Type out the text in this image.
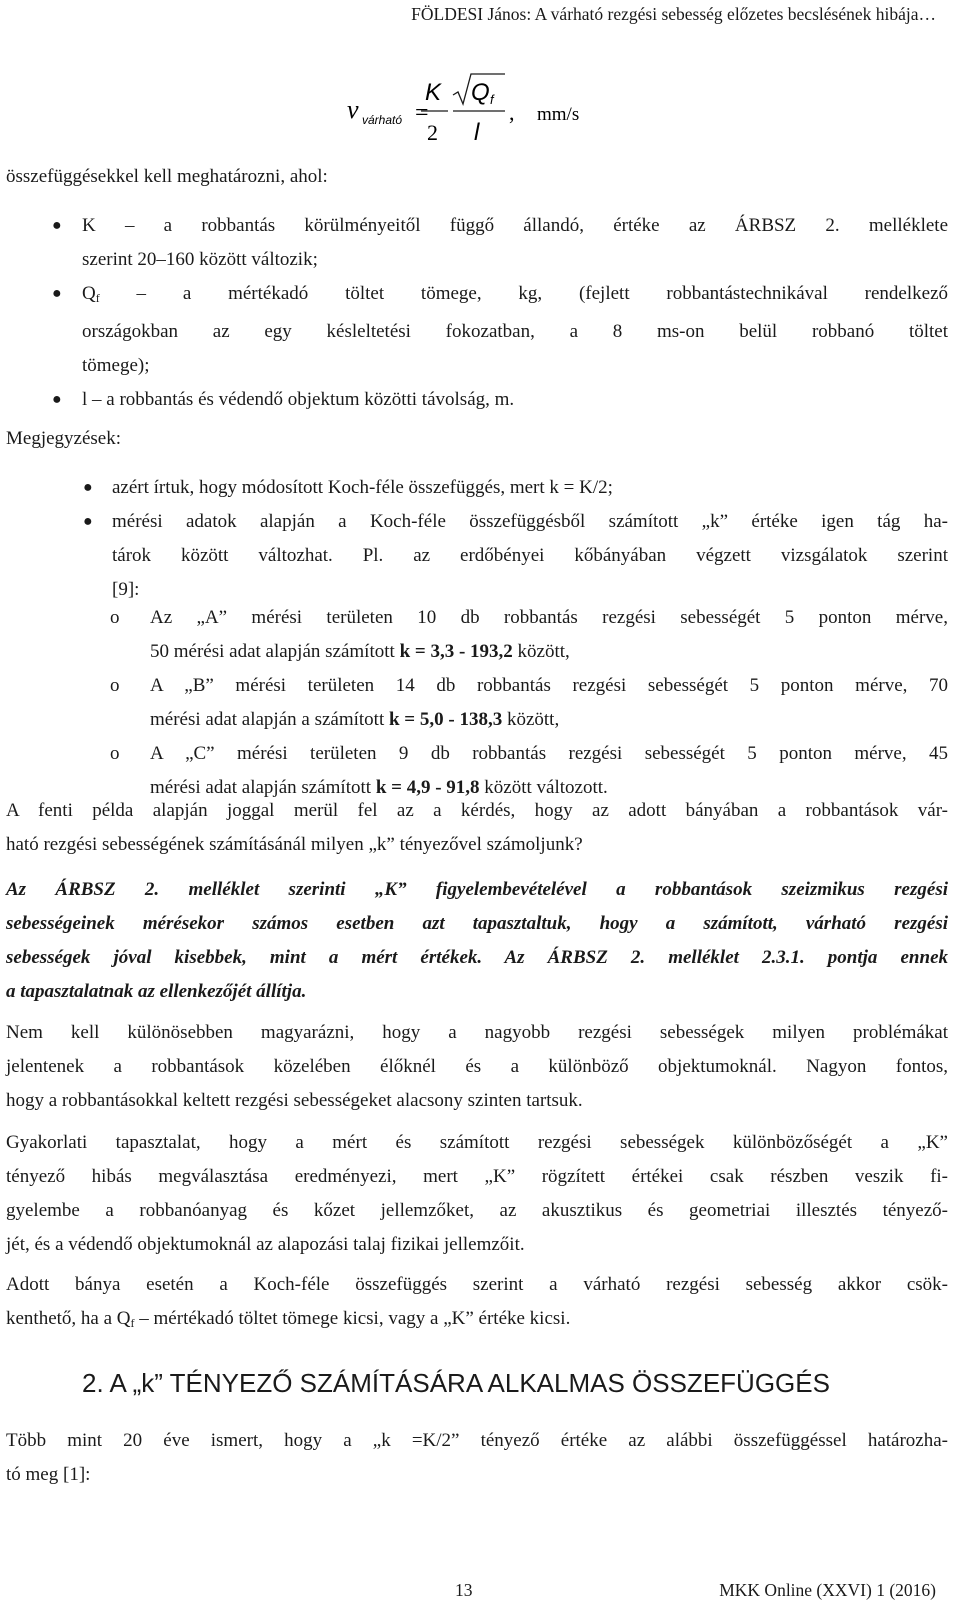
FÖLDESI János: A várható rezgési sebesség előzetes becslésének hibája…
v várható =
K
2
Q f
l
, mm/s
összefüggésekkel kell meghatározni, ahol:
● K – a robbantás körülményeitől függő állandó, értéke az ÁRBSZ 2. melléklete
szerint 20–160 között változik;
● $Q_f$ – a mértékadó töltet tömege, kg, (fejlett robbantástechnikával rendelkező
országokban az egy késleltetési fokozatban, a 8 ms-on belül robbanó töltet
tömege);
● l – a robbantás és védendő objektum közötti távolság, m.
Megjegyzések:
● azért írtuk, hogy módosított Koch-féle összefüggés, mert k = K/2;
● mérési adatok alapján a Koch-féle összefüggésből számított „k” értéke igen tág ha-
tárok között változhat. Pl. az erdőbényei kőbányában végzett vizsgálatok szerint
[9]:
o Az „A” mérési területen 10 db robbantás rezgési sebességét 5 ponton mérve,
50 mérési adat alapján számított k = 3,3 - 193,2 között,
o A „B” mérési területen 14 db robbantás rezgési sebességét 5 ponton mérve, 70
mérési adat alapján a számított k = 5,0 - 138,3 között,
o A „C” mérési területen 9 db robbantás rezgési sebességét 5 ponton mérve, 45
mérési adat alapján számított k = 4,9 - 91,8 között változott.
A fenti példa alapján joggal merül fel az a kérdés, hogy az adott bányában a robbantások vár-
ható rezgési sebességének számításánál milyen „k” tényezővel számoljunk?
Az ÁRBSZ 2. melléklet szerinti „K” figyelembevételével a robbantások szeizmikus rezgési
sebességeinek mérésekor számos esetben azt tapasztaltuk, hogy a számított, várható rezgési
sebességek jóval kisebbek, mint a mért értékek. Az ÁRBSZ 2. melléklet 2.3.1. pontja ennek
a tapasztalatnak az ellenkezőjét állítja.
Nem kell különösebben magyarázni, hogy a nagyobb rezgési sebességek milyen problémákat
jelentenek a robbantások közelében élőknél és a különböző objektumoknál. Nagyon fontos,
hogy a robbantásokkal keltett rezgési sebességeket alacsony szinten tartsuk.
Gyakorlati tapasztalat, hogy a mért és számított rezgési sebességek különbözőségét a „K”
tényező hibás megválasztása eredményezi, mert „K” rögzített értékei csak részben veszik fi-
gyelembe a robbanóanyag és kőzet jellemzőket, az akusztikus és geometriai illesztés tényező-
jét, és a védendő objektumoknál az alapozási talaj fizikai jellemzőit.
Adott bánya esetén a Koch-féle összefüggés szerint a várható rezgési sebesség akkor csök-
kenthető, ha a $Q_f$ – mértékadó töltet tömege kicsi, vagy a „K” értéke kicsi.
2. A „k” TÉNYEZŐ SZÁMÍTÁSÁRA ALKALMAS ÖSSZEFÜGGÉS
Több mint 20 éve ismert, hogy a „k =K/2” tényező értéke az alábbi összefüggéssel határozha-
tó meg [1]:
13	MKK Online (XXVI) 1 (2016)
